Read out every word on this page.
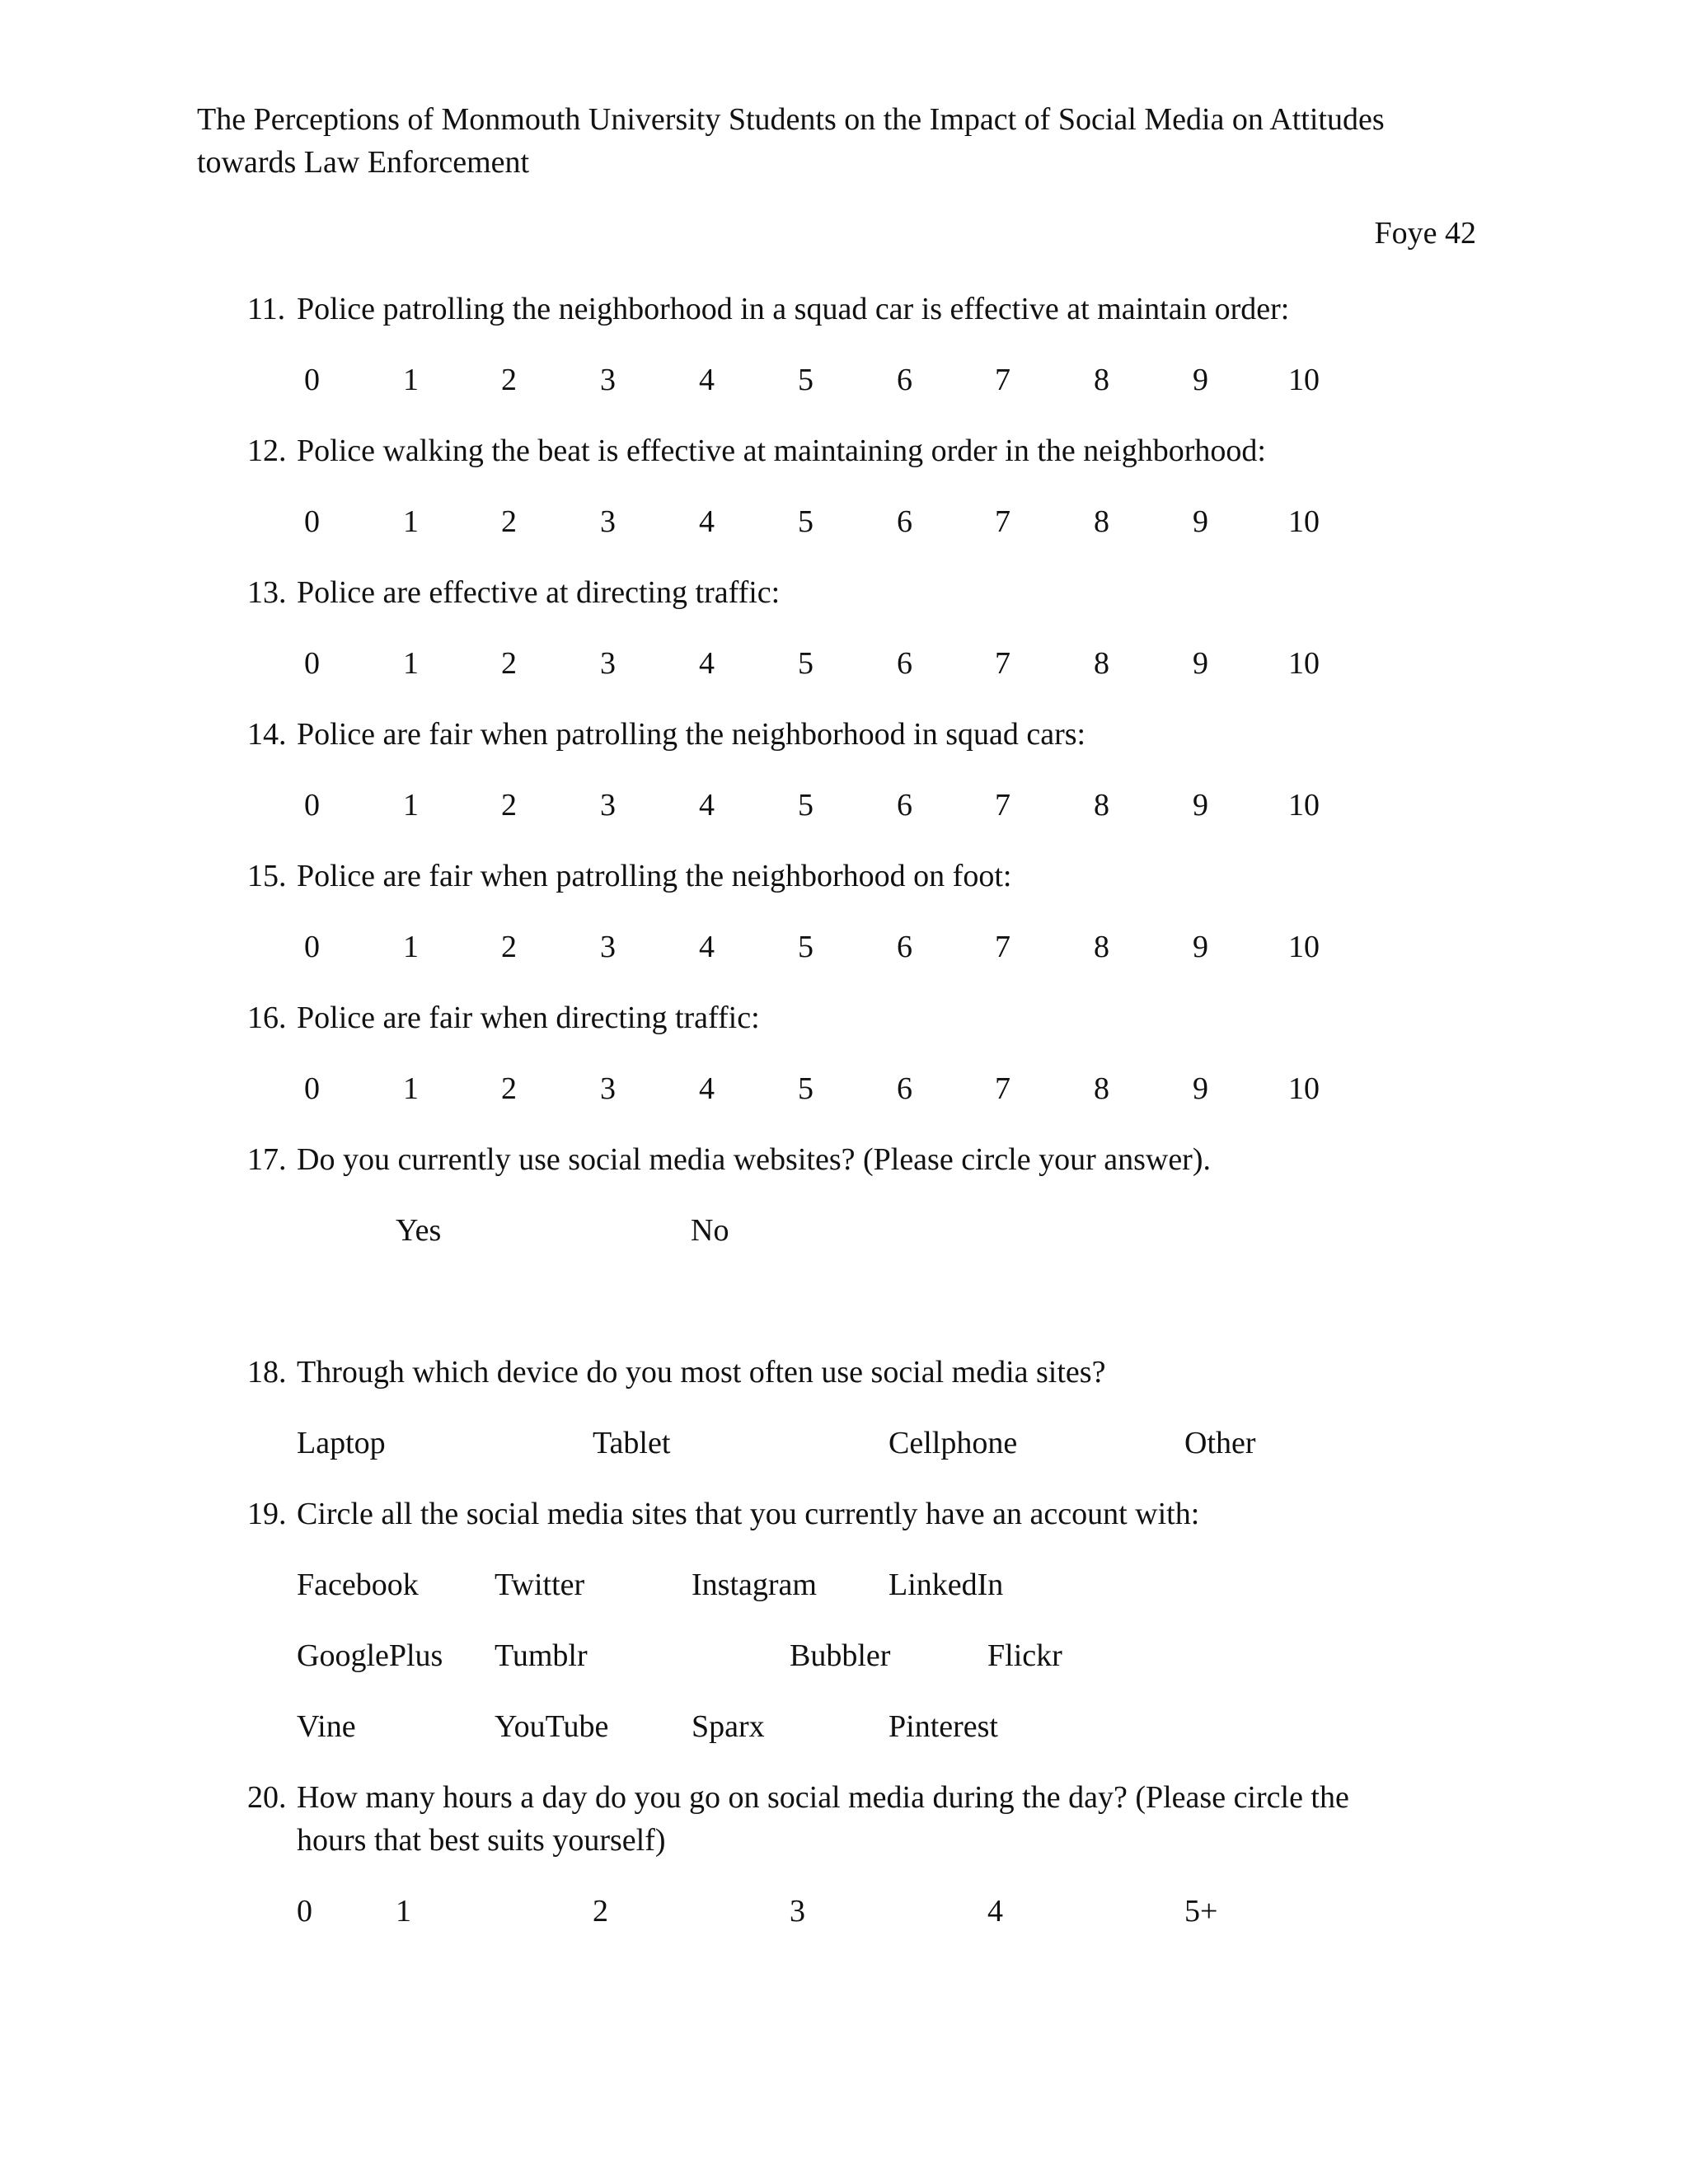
The Perceptions of Monmouth University Students on the Impact of Social Media on Attitudes
towards Law Enforcement
Foye 42
11. Police patrolling the neighborhood in a squad car is effective at maintain order:
12. Police walking the beat is effective at maintaining order in the neighborhood:
13. Police are effective at directing traffic:
14. Police are fair when patrolling the neighborhood in squad cars:
15. Police are fair when patrolling the neighborhood on foot:
16. Police are fair when directing traffic:
17. Do you currently use social media websites? (Please circle your answer).
Yes	No
18. Through which device do you most often use social media sites?
Laptop	Tablet	Cellphone	Other
19. Circle all the social media sites that you currently have an account with:
Facebook Twitter	Instagram LinkedIn
GooglePlus Tumblr	Bubbler	Flickr
Vine	YouTube	Sparx	Pinterest
20. How many hours a day do you go on social media during the day? (Please circle the
hours that best suits yourself)
0	1	2	3	4	5+
0	1	2	3	4	5	6	7	8	9	10
0	1	2	3	4	5	6	7	8	9	10
0	1	2	3	4	5	6	7	8	9	10
0	1	2	3	4	5	6	7	8	9	10
0	1	2	3	4	5	6	7	8	9	10
0	1	2	3	4	5	6	7	8	9	10
